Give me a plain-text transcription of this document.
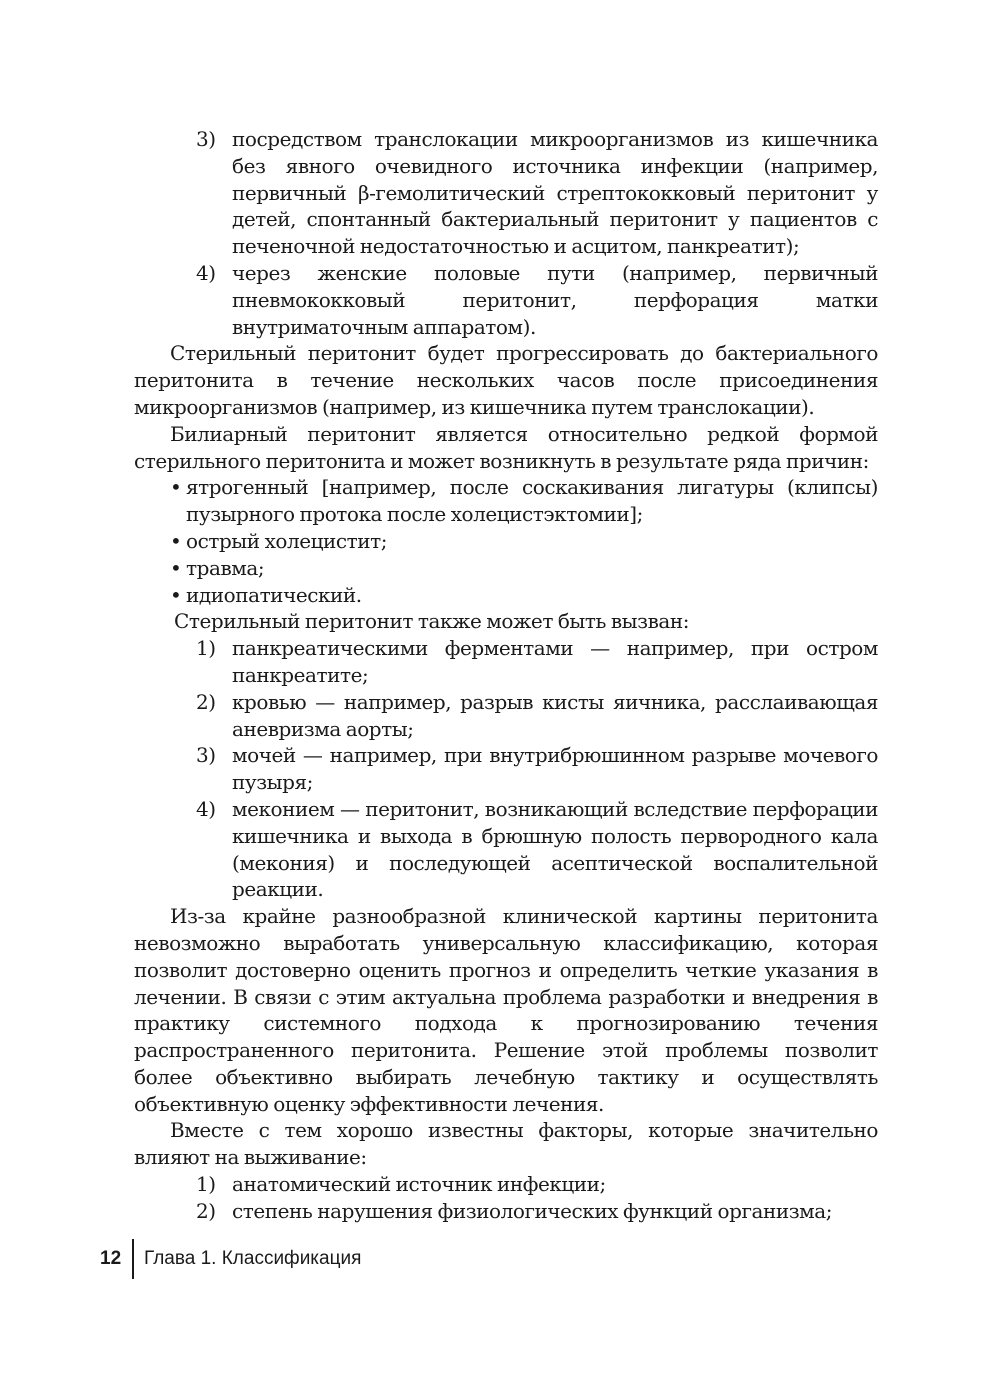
3) посредством транслокации микроорганизмов из кишечника без явного очевидного источника инфекции (например, первичный β-гемолитический стрептококковый перитонит у детей, спонтанный бактериальный перитонит у пациентов с печеночной недостаточностью и асцитом, панкреатит);

4) через женские половые пути (например, первичный пневмококковый перитонит, перфорация матки внутриматочным аппаратом).

Стерильный перитонит будет прогрессировать до бактериального перитонита в течение нескольких часов после присоединения микроорганизмов (например, из кишечника путем транслокации).

Билиарный перитонит является относительно редкой формой стерильного перитонита и может возникнуть в результате ряда причин:

• ятрогенный [например, после соскакивания лигатуры (клипсы) пузырного протока после холецистэктомии];

• острый холецистит;

• травма;

• идиопатический.

Стерильный перитонит также может быть вызван:

1) панкреатическими ферментами — например, при остром панкреатите;

2) кровью — например, разрыв кисты яичника, расслаивающая аневризма аорты;

3) мочей — например, при внутрибрюшинном разрыве мочевого пузыря;

4) меконием — перитонит, возникающий вследствие перфорации кишечника и выхода в брюшную полость первородного кала (мекония) и последующей асептической воспалительной реакции.

Из-за крайне разнообразной клинической картины перитонита невозможно выработать универсальную классификацию, которая позволит достоверно оценить прогноз и определить четкие указания в лечении. В связи с этим актуальна проблема разработки и внедрения в практику системного подхода к прогнозированию течения распространенного перитонита. Решение этой проблемы позволит более объективно выбирать лечебную тактику и осуществлять объективную оценку эффективности лечения.

Вместе с тем хорошо известны факторы, которые значительно влияют на выживание:

1) анатомический источник инфекции;

2) степень нарушения физиологических функций организма;

12 Глава 1. Классификация
